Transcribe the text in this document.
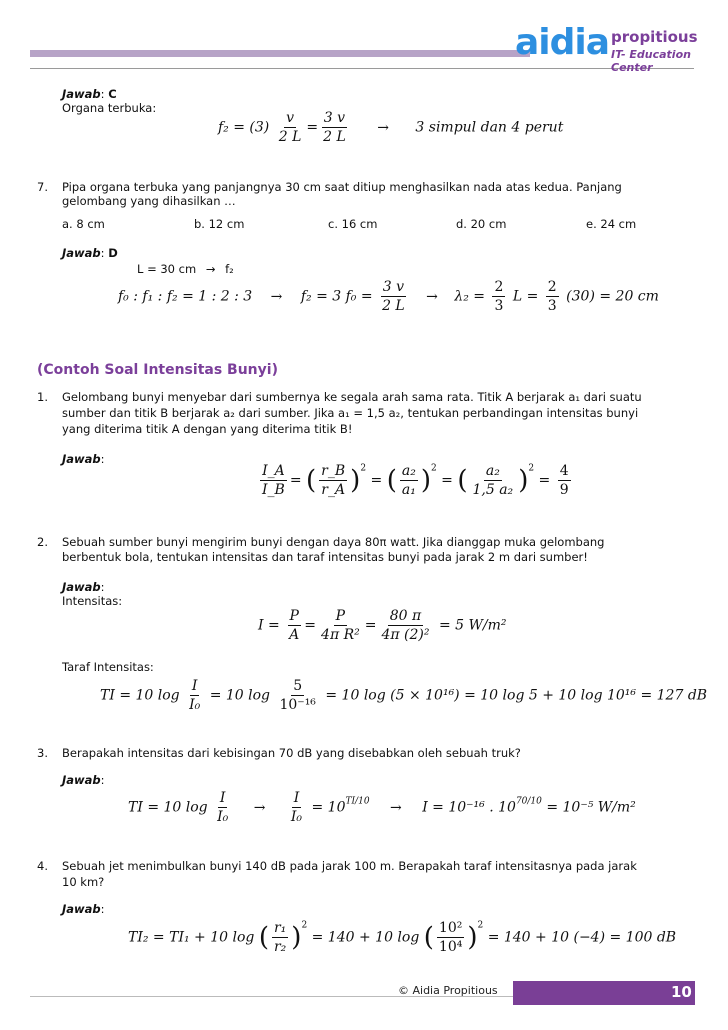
aidia propitious
IT- Education Center
Jawab: C
Organa terbuka:
$f_2 = (3) \frac{v}{2 L} = \frac{3 v}{2 L} \to 3$ simpul dan 4 perut
7. Pipa organa terbuka yang panjangnya 30 cm saat ditiup menghasilkan nada atas kedua. Panjang
gelombang yang dihasilkan …
a. 8 cm	b. 12 cm	c. 16 cm	d. 20 cm	e. 24 cm
Jawab: D
L = 30 cm → f₂
f₀ : f₁ : f₂ = 1 : 2 : 3 → f₂ = 3 $f_0 = \frac{3 v}{2 L} \to \lambda_2 = \frac{2}{3}$ $L = \frac{2}{3} (30) = 20$ cm
(Contoh Soal Intensitas Bunyi)
1. Gelombang bunyi menyebar dari sumbernya ke segala arah sama rata. Titik A berjarak a₁ dari suatu
sumber dan titik B berjarak a₂ dari sumber. Jika a₁ = 1,5 a₂, tentukan perbandingan intensitas bunyi
yang diterima titik A dengan yang diterima titik B!
Jawab:
$\frac{I\_A}{I\_B}$ = ( $\frac{r\_B}{r\_A} )^2$ = ( $\frac{\text{a₂}}{\text{a₁}} )^2$ = ( $\frac{\text{a₂}}{\text{1,5 a₂}} )^2 = \frac{4}{9}$
2. Sebuah sumber bunyi mengirim bunyi dengan daya 80π watt. Jika dianggap muka gelombang
berbentuk bola, tentukan intensitas dan taraf intensitas bunyi pada jarak 2 m dari sumber!
Jawab:
Intensitas:
$I = \frac{P}{A} = \frac{P}{\text{4π R²}} = \frac{80 \pi}{\text{4π (2)²}} = 5$ W/m²
Taraf Intensitas:
TI = 10 $\log \frac{I}{\text{I₀}} = 10$ $\log \frac{5}{\text{10⁻¹⁶}} = 10$ log (5 × 10¹⁶) = 10 log 5 + 10 log 10¹⁶ = 127 dB
3. Berapakah intensitas dari kebisingan 70 dB yang disebabkan oleh sebuah truk?
Jawab:
TI = 10 $\log \frac{I}{\text{I₀}} \to \frac{I}{\text{I₀}} = 10^{TI/10} \to I = 10^{-16}$ . $10^{70/10} = 10^{-5}$ W/m²
4. Sebuah jet menimbulkan bunyi 140 dB pada jarak 100 m. Berapakah taraf intensitasnya pada jarak
10 km?
Jawab:
TI₂ = TI₁ + 10 log ( $\frac{\text{r₁}}{\text{r₂}} )^2 = 140 + 10$ log ( $\frac{\text{10²}}{\text{10⁴}} )^2 = 140 + 10$ (−4) = 100 dB
© Aidia Propitious	10
